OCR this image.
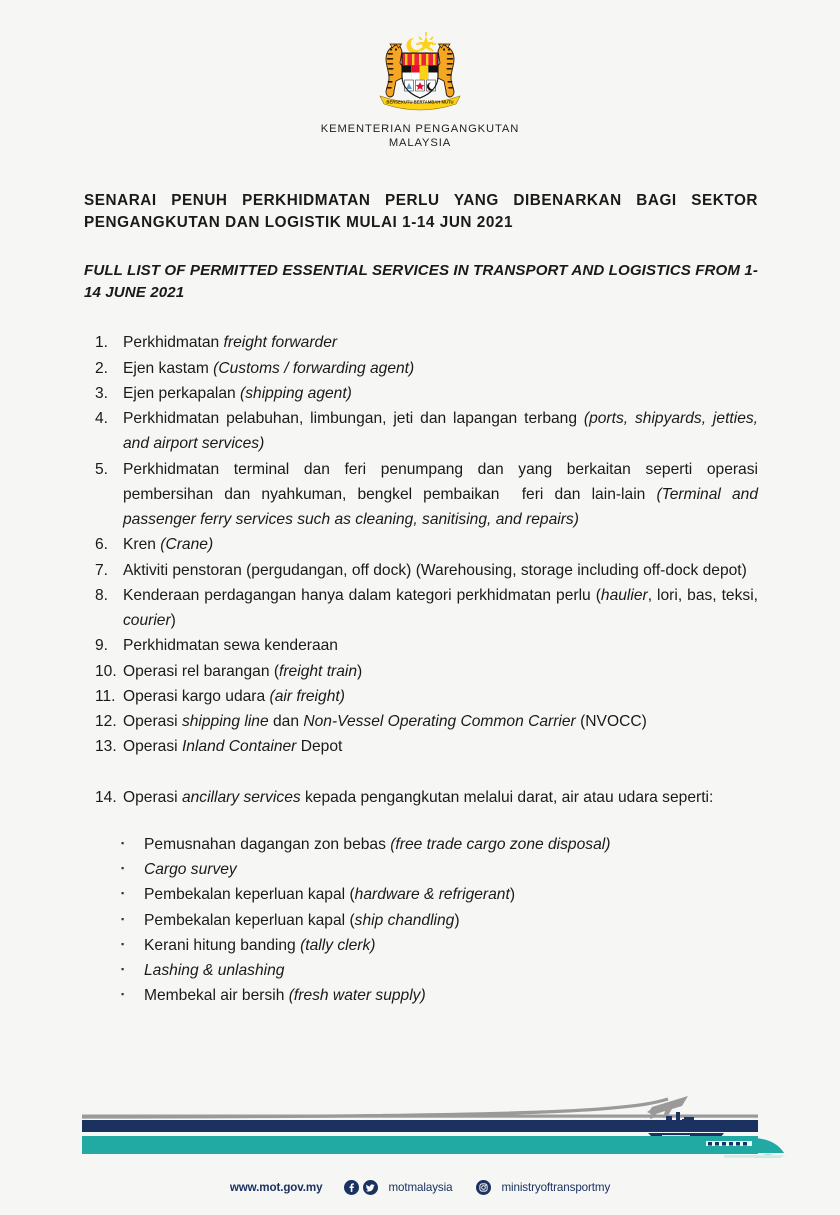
BERSEKUTU BERTAMBAH MUTU
KEMENTERIAN PENGANGKUTAN
MALAYSIA
SENARAI PENUH PERKHIDMATAN PERLU YANG DIBENARKAN BAGI SEKTOR PENGANGKUTAN DAN LOGISTIK MULAI 1-14 JUN 2021
FULL LIST OF PERMITTED ESSENTIAL SERVICES IN TRANSPORT AND LOGISTICS FROM 1-14 JUNE 2021
1. Perkhidmatan freight forwarder
2. Ejen kastam (Customs / forwarding agent)
3. Ejen perkapalan (shipping agent)
4. Perkhidmatan pelabuhan, limbungan, jeti dan lapangan terbang (ports, shipyards, jetties, and airport services)
5. Perkhidmatan terminal dan feri penumpang dan yang berkaitan seperti operasi pembersihan dan nyahkuman, bengkel pembaikan  feri dan lain-lain (Terminal and passenger ferry services such as cleaning, sanitising, and repairs)
6. Kren (Crane)
7. Aktiviti penstoran (pergudangan, off dock) (Warehousing, storage including off-dock depot)
8. Kenderaan perdagangan hanya dalam kategori perkhidmatan perlu (haulier, lori, bas, teksi, courier)
9. Perkhidmatan sewa kenderaan
10. Operasi rel barangan (freight train)
11. Operasi kargo udara (air freight)
12. Operasi shipping line dan Non-Vessel Operating Common Carrier (NVOCC)
13. Operasi Inland Container Depot
14. Operasi ancillary services kepada pengangkutan melalui darat, air atau udara seperti:
▪	Pemusnahan dagangan zon bebas (free trade cargo zone disposal)
▪	Cargo survey
▪	Pembekalan keperluan kapal (hardware & refrigerant)
▪	Pembekalan keperluan kapal (ship chandling)
▪	Kerani hitung banding (tally clerk)
▪	Lashing & unlashing
▪	Membekal air bersih (fresh water supply)
www.mot.gov.my	motmalaysia	ministryoftransportmy
